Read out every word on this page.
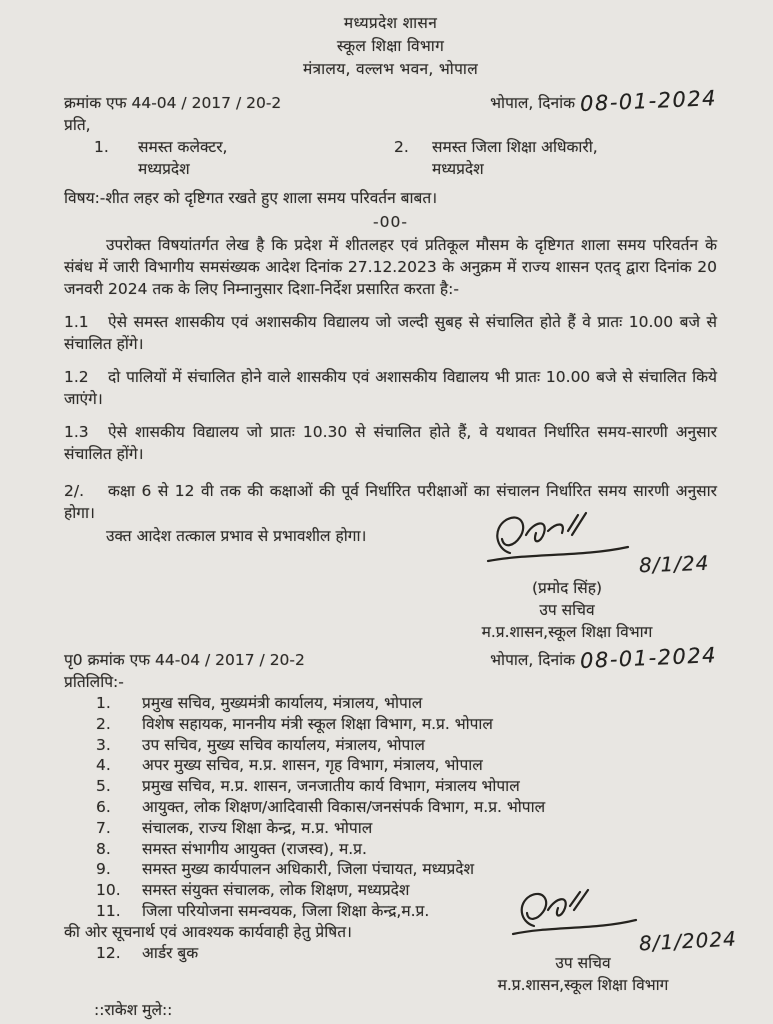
मध्यप्रदेश शासन
स्कूल शिक्षा विभाग
मंत्रालय, वल्लभ भवन, भोपाल
क्रमांक एफ 44-04 / 2017 / 20-2	भोपाल, दिनांक 08-01-2024
प्रति,
1.	समस्त कलेक्टर,
मध्यप्रदेश
2.	समस्त जिला शिक्षा अधिकारी,
मध्यप्रदेश
विषय:-शीत लहर को दृष्टिगत रखते हुए शाला समय परिवर्तन बाबत।
-00-

उपरोक्त विषयांतर्गत लेख है कि प्रदेश में शीतलहर एवं प्रतिकूल मौसम के दृष्टिगत शाला समय परिवर्तन के संबंध में जारी विभागीय समसंख्यक आदेश दिनांक 27.12.2023 के अनुक्रम में राज्य शासन एतद् द्वारा दिनांक 20 जनवरी 2024 तक के लिए निम्नानुसार दिशा-निर्देश प्रसारित करता है:-

1.1 ऐसे समस्त शासकीय एवं अशासकीय विद्यालय जो जल्दी सुबह से संचालित होते हैं वे प्रातः 10.00 बजे से संचालित होंगे।

1.2 दो पालियों में संचालित होने वाले शासकीय एवं अशासकीय विद्यालय भी प्रातः 10.00 बजे से संचालित किये जाएंगे।

1.3 ऐसे शासकीय विद्यालय जो प्रातः 10.30 से संचालित होते हैं, वे यथावत निर्धारित समय-सारणी अनुसार संचालित होंगे।

2/. कक्षा 6 से 12 वी तक की कक्षाओं की पूर्व निर्धारित परीक्षाओं का संचालन निर्धारित समय सारणी अनुसार होगा।

उक्त आदेश तत्काल प्रभाव से प्रभावशील होगा।

8/1/24
(प्रमोद सिंह)
उप सचिव
म.प्र.शासन,स्कूल शिक्षा विभाग
पृ0 क्रमांक एफ 44-04 / 2017 / 20-2	भोपाल, दिनांक 08-01-2024
प्रतिलिपि:-
1.	प्रमुख सचिव, मुख्यमंत्री कार्यालय, मंत्रालय, भोपाल
2.	विशेष सहायक, माननीय मंत्री स्कूल शिक्षा विभाग, म.प्र. भोपाल
3.	उप सचिव, मुख्य सचिव कार्यालय, मंत्रालय, भोपाल
4.	अपर मुख्य सचिव, म.प्र. शासन, गृह विभाग, मंत्रालय, भोपाल
5.	प्रमुख सचिव, म.प्र. शासन, जनजातीय कार्य विभाग, मंत्रालय भोपाल
6.	आयुक्त, लोक शिक्षण/आदिवासी विकास/जनसंपर्क विभाग, म.प्र. भोपाल
7.	संचालक, राज्य शिक्षा केन्द्र, म.प्र. भोपाल
8.	समस्त संभागीय आयुक्त (राजस्व), म.प्र.
9.	समस्त मुख्य कार्यपालन अधिकारी, जिला पंचायत, मध्यप्रदेश
10.	समस्त संयुक्त संचालक, लोक शिक्षण, मध्यप्रदेश
11.	जिला परियोजना समन्वयक, जिला शिक्षा केन्द्र,म.प्र.
की ओर सूचनार्थ एवं आवश्यक कार्यवाही हेतु प्रेषित।
12.	आर्डर बुक	8/1/2024
उप सचिव
म.प्र.शासन,स्कूल शिक्षा विभाग
::राकेश मुले::
